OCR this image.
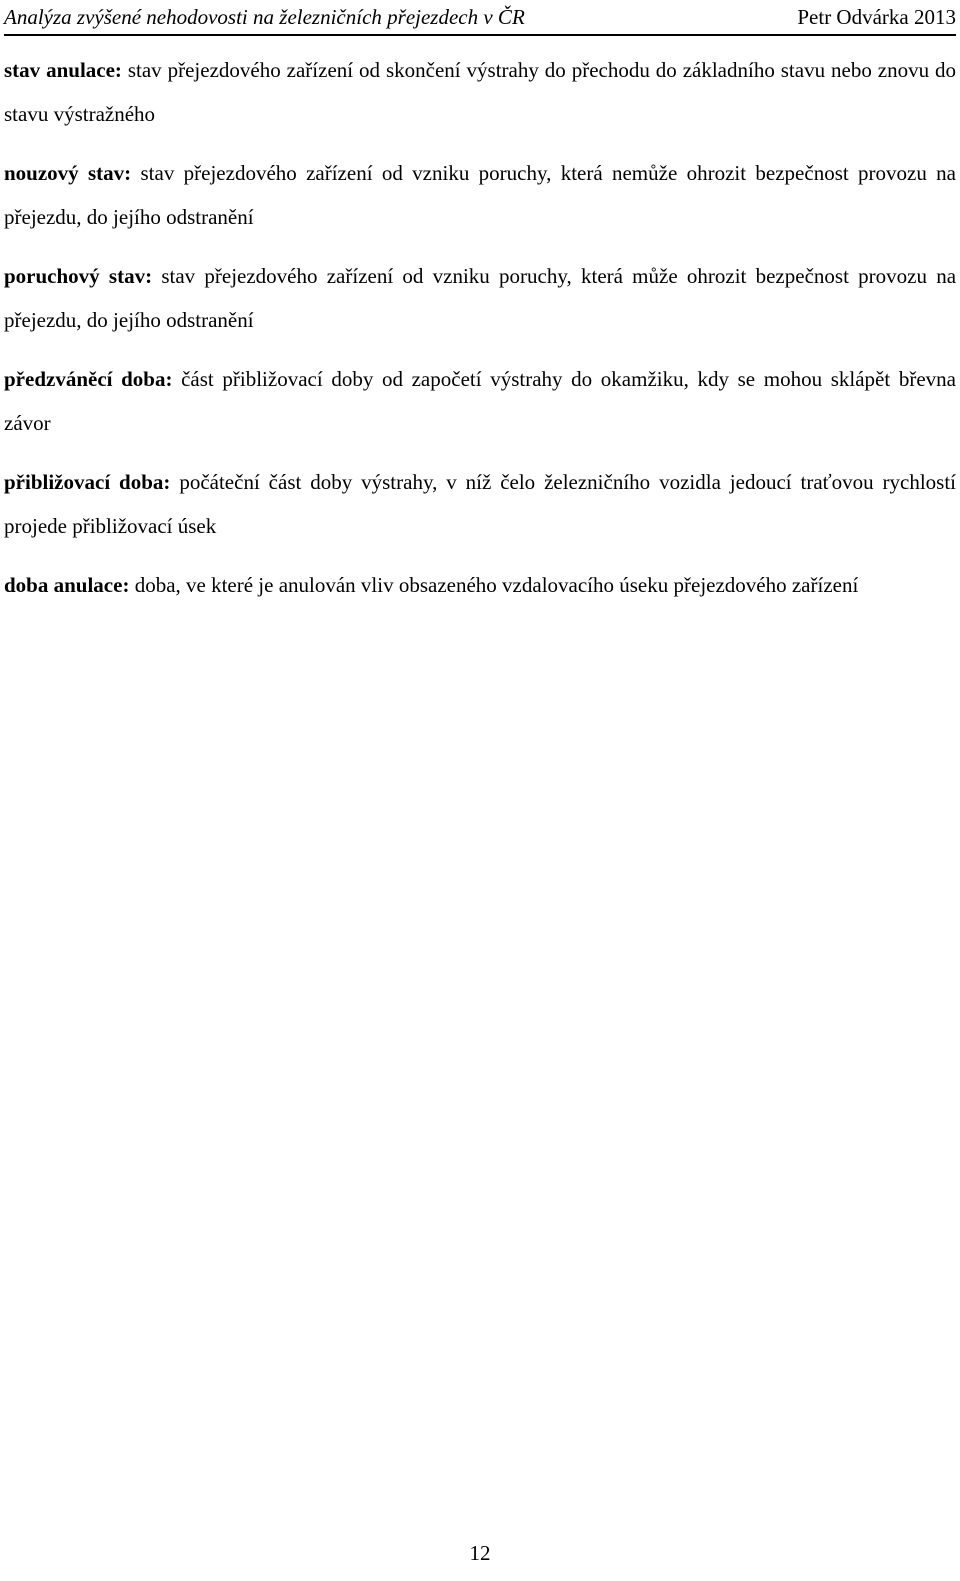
Analýza zvýšené nehodovosti na železničních přejezdech v ČR	Petr Odvárka 2013

stav anulace: stav přejezdového zařízení od skončení výstrahy do přechodu do základního stavu nebo znovu do stavu výstražného

nouzový stav: stav přejezdového zařízení od vzniku poruchy, která nemůže ohrozit bezpečnost provozu na přejezdu, do jejího odstranění

poruchový stav: stav přejezdového zařízení od vzniku poruchy, která může ohrozit bezpečnost provozu na přejezdu, do jejího odstranění

předzváněcí doba: část přibližovací doby od započetí výstrahy do okamžiku, kdy se mohou sklápět břevna závor

přibližovací doba: počáteční část doby výstrahy, v níž čelo železničního vozidla jedoucí traťovou rychlostí projede přibližovací úsek

doba anulace: doba, ve které je anulován vliv obsazeného vzdalovacího úseku přejezdového zařízení

12
